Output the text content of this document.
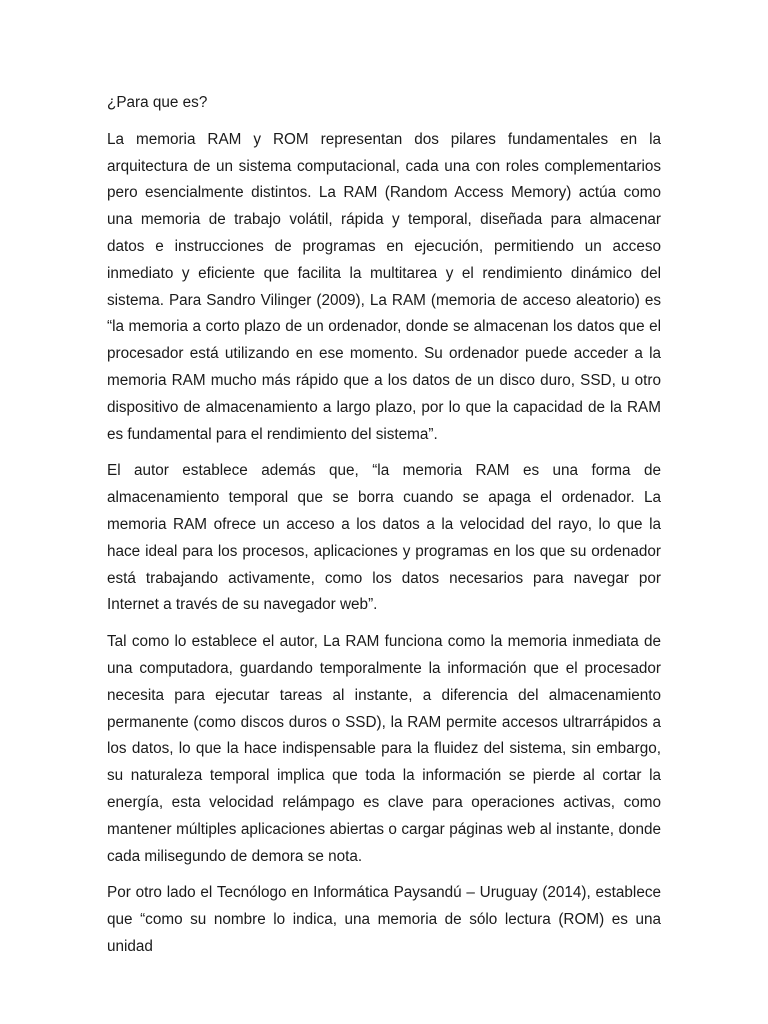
¿Para que es?

La memoria RAM y ROM representan dos pilares fundamentales en la arquitectura de un sistema computacional, cada una con roles complementarios pero esencialmente distintos. La RAM (Random Access Memory) actúa como una memoria de trabajo volátil, rápida y temporal, diseñada para almacenar datos e instrucciones de programas en ejecución, permitiendo un acceso inmediato y eficiente que facilita la multitarea y el rendimiento dinámico del sistema. Para Sandro Vilinger (2009), La RAM (memoria de acceso aleatorio) es “la memoria a corto plazo de un ordenador, donde se almacenan los datos que el procesador está utilizando en ese momento. Su ordenador puede acceder a la memoria RAM mucho más rápido que a los datos de un disco duro, SSD, u otro dispositivo de almacenamiento a largo plazo, por lo que la capacidad de la RAM es fundamental para el rendimiento del sistema”.

El autor establece además que, “la memoria RAM es una forma de almacenamiento temporal que se borra cuando se apaga el ordenador. La memoria RAM ofrece un acceso a los datos a la velocidad del rayo, lo que la hace ideal para los procesos, aplicaciones y programas en los que su ordenador está trabajando activamente, como los datos necesarios para navegar por Internet a través de su navegador web”.

Tal como lo establece el autor, La RAM funciona como la memoria inmediata de una computadora, guardando temporalmente la información que el procesador necesita para ejecutar tareas al instante, a diferencia del almacenamiento permanente (como discos duros o SSD), la RAM permite accesos ultrarrápidos a los datos, lo que la hace indispensable para la fluidez del sistema, sin embargo, su naturaleza temporal implica que toda la información se pierde al cortar la energía, esta velocidad relámpago es clave para operaciones activas, como mantener múltiples aplicaciones abiertas o cargar páginas web al instante, donde cada milisegundo de demora se nota.

Por otro lado el Tecnólogo en Informática Paysandú – Uruguay (2014), establece que “como su nombre lo indica, una memoria de sólo lectura (ROM) es una unidad
